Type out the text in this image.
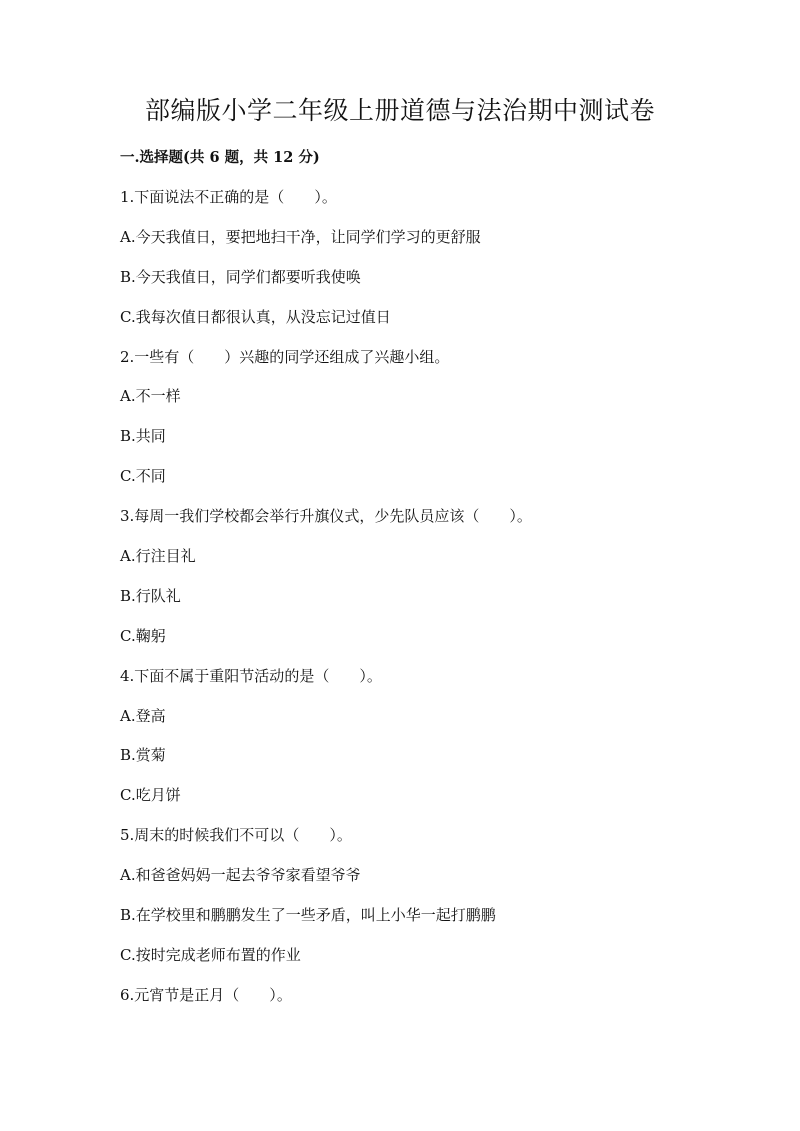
部编版小学二年级上册道德与法治期中测试卷
一.选择题(共 6 题，共 12 分)
1.下面说法不正确的是（　　）。
A.今天我值日，要把地扫干净，让同学们学习的更舒服
B.今天我值日，同学们都要听我使唤
C.我每次值日都很认真，从没忘记过值日
2.一些有（　　）兴趣的同学还组成了兴趣小组。
A.不一样
B.共同
C.不同
3.每周一我们学校都会举行升旗仪式，少先队员应该（　　）。
A.行注目礼
B.行队礼
C.鞠躬
4.下面不属于重阳节活动的是（　　）。
A.登高
B.赏菊
C.吃月饼
5.周末的时候我们不可以（　　）。
A.和爸爸妈妈一起去爷爷家看望爷爷
B.在学校里和鹏鹏发生了一些矛盾，叫上小华一起打鹏鹏
C.按时完成老师布置的作业
6.元宵节是正月（　　）。
